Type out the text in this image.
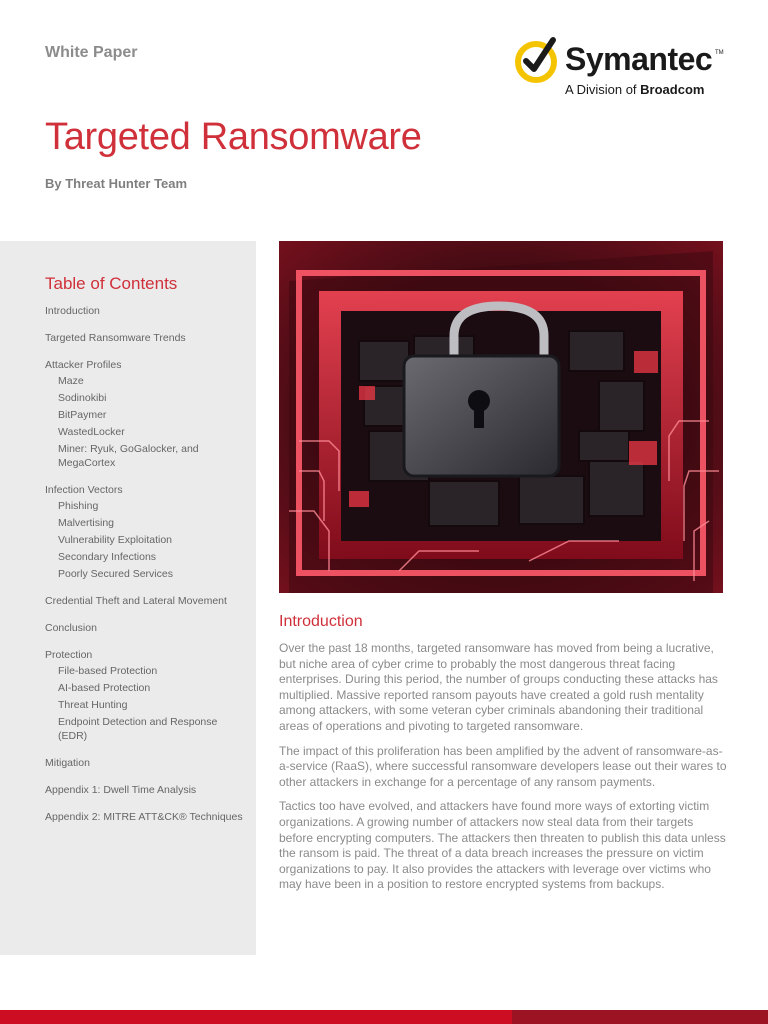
White Paper	Symantec TM
A Division of Broadcom
Targeted Ransomware
By Threat Hunter Team
Table of Contents
Introduction
Targeted Ransomware Trends
Attacker Profiles
Maze
Sodinokibi
BitPaymer
WastedLocker
Miner: Ryuk, GoGalocker, and MegaCortex
Infection Vectors
Phishing
Malvertising
Vulnerability Exploitation
Secondary Infections
Poorly Secured Services
Credential Theft and Lateral Movement
Conclusion
Protection
File-based Protection
AI-based Protection
Threat Hunting
Endpoint Detection and Response (EDR)
Mitigation
Appendix 1: Dwell Time Analysis
Appendix 2: MITRE ATT&CK® Techniques
Introduction

Over the past 18 months, targeted ransomware has moved from being a lucrative, but niche area of cyber crime to probably the most dangerous threat facing enterprises. During this period, the number of groups conducting these attacks has multiplied. Massive reported ransom payouts have created a gold rush mentality among attackers, with some veteran cyber criminals abandoning their traditional areas of operations and pivoting to targeted ransomware.

The impact of this proliferation has been amplified by the advent of ransomware-as-a-service (RaaS), where successful ransomware developers lease out their wares to other attackers in exchange for a percentage of any ransom payments.

Tactics too have evolved, and attackers have found more ways of extorting victim organizations. A growing number of attackers now steal data from their targets before encrypting computers. The attackers then threaten to publish this data unless the ransom is paid. The threat of a data breach increases the pressure on victim organizations to pay. It also provides the attackers with leverage over victims who may have been in a position to restore encrypted systems from backups.
